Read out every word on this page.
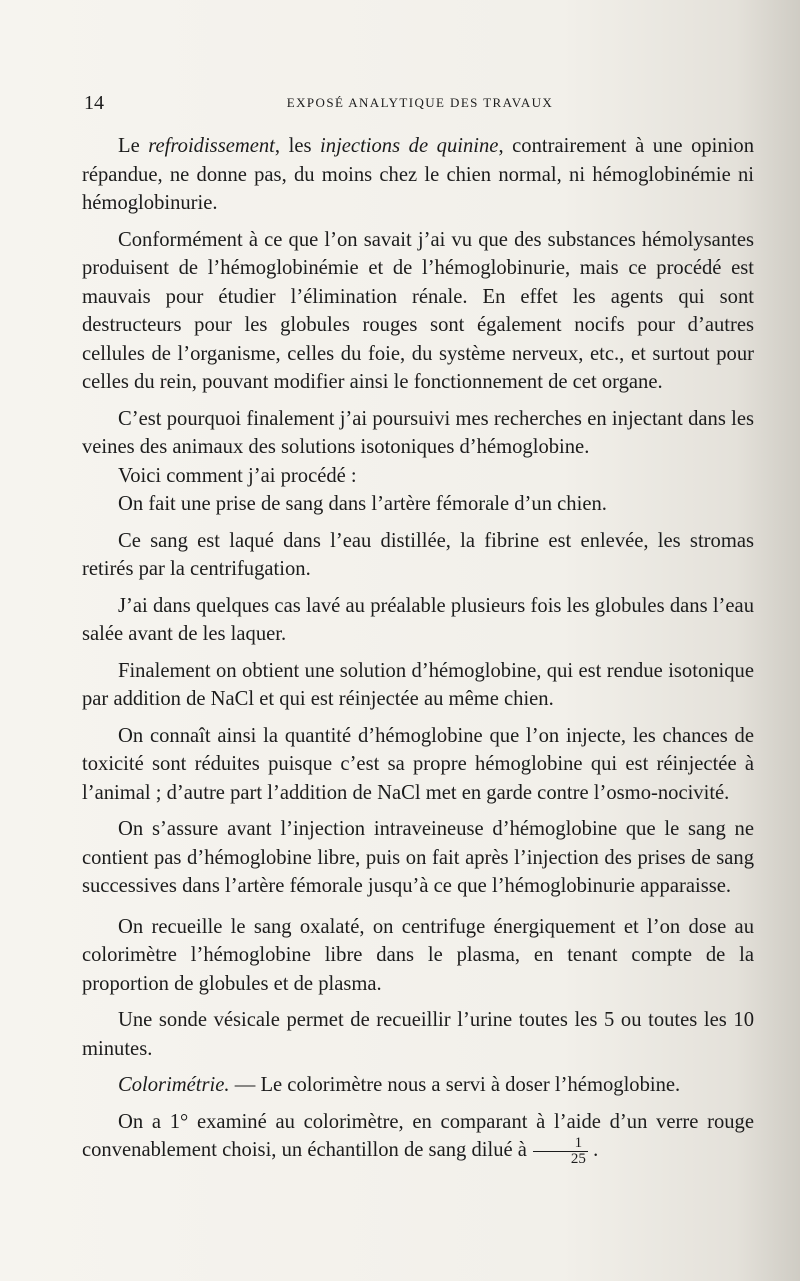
14	EXPOSÉ ANALYTIQUE DES TRAVAUX

Le refroidissement, les injections de quinine, contrairement à une opinion répandue, ne donne pas, du moins chez le chien normal, ni hémoglobinémie ni hémoglobinurie.

Conformément à ce que l’on savait j’ai vu que des substances hémolysantes produisent de l’hémoglobinémie et de l’hémoglobinurie, mais ce procédé est mauvais pour étudier l’élimination rénale. En effet les agents qui sont destructeurs pour les globules rouges sont également nocifs pour d’autres cellules de l’organisme, celles du foie, du système nerveux, etc., et surtout pour celles du rein, pouvant modifier ainsi le fonctionnement de cet organe.

C’est pourquoi finalement j’ai poursuivi mes recherches en injectant dans les veines des animaux des solutions isotoniques d’hémoglobine.

Voici comment j’ai procédé :

On fait une prise de sang dans l’artère fémorale d’un chien.

Ce sang est laqué dans l’eau distillée, la fibrine est enlevée, les stromas retirés par la centrifugation.

J’ai dans quelques cas lavé au préalable plusieurs fois les globules dans l’eau salée avant de les laquer.

Finalement on obtient une solution d’hémoglobine, qui est rendue isotonique par addition de NaCl et qui est réinjectée au même chien.

On connaît ainsi la quantité d’hémoglobine que l’on injecte, les chances de toxicité sont réduites puisque c’est sa propre hémoglobine qui est réinjectée à l’animal ; d’autre part l’addition de NaCl met en garde contre l’osmo-nocivité.

On s’assure avant l’injection intraveineuse d’hémoglobine que le sang ne contient pas d’hémoglobine libre, puis on fait après l’injection des prises de sang successives dans l’artère fémorale jusqu’à ce que l’hémoglobinurie apparaisse.

On recueille le sang oxalaté, on centrifuge énergiquement et l’on dose au colorimètre l’hémoglobine libre dans le plasma, en tenant compte de la proportion de globules et de plasma.

Une sonde vésicale permet de recueillir l’urine toutes les 5 ou toutes les 10 minutes.

Colorimétrie. — Le colorimètre nous a servi à doser l’hémoglobine.

On a 1° examiné au colorimètre, en comparant à l’aide d’un verre rouge convenablement choisi, un échantillon de sang dilué à $\frac{1}{25}$ .
